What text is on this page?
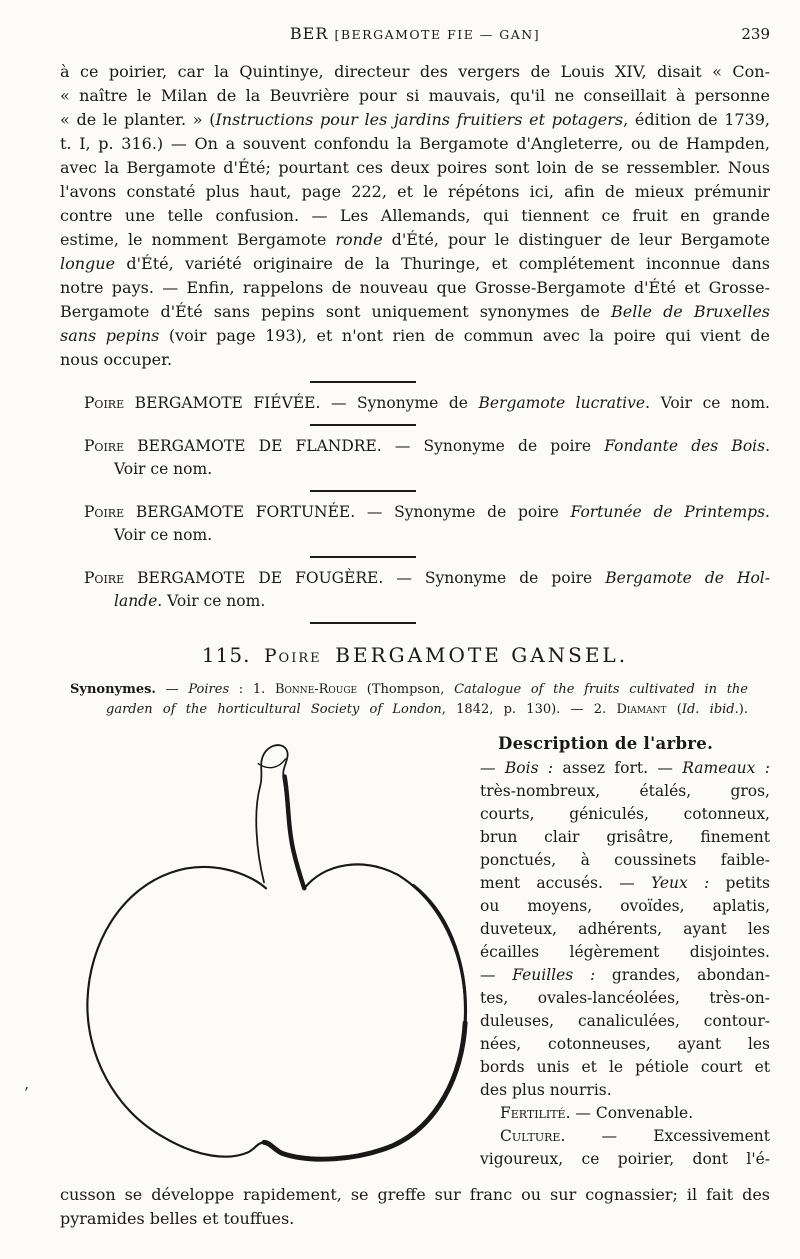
BER [BERGAMOTE FIE — GAN]	239
à ce poirier, car la Quintinye, directeur des vergers de Louis XIV, disait « Con-
« naître le Milan de la Beuvrière pour si mauvais, qu'il ne conseillait à personne
« de le planter. » (Instructions pour les jardins fruitiers et potagers, édition de 1739,
t. I, p. 316.) — On a souvent confondu la Bergamote d'Angleterre, ou de Hampden,
avec la Bergamote d'Été; pourtant ces deux poires sont loin de se ressembler. Nous
l'avons constaté plus haut, page 222, et le répétons ici, afin de mieux prémunir
contre une telle confusion. — Les Allemands, qui tiennent ce fruit en grande
estime, le nomment Bergamote ronde d'Été, pour le distinguer de leur Bergamote
longue d'Été, variété originaire de la Thuringe, et complétement inconnue dans
notre pays. — Enfin, rappelons de nouveau que Grosse-Bergamote d'Été et Grosse-
Bergamote d'Été sans pepins sont uniquement synonymes de Belle de Bruxelles
sans pepins (voir page 193), et n'ont rien de commun avec la poire qui vient de
nous occuper.
Poire BERGAMOTE FIÉVÉE. — Synonyme de Bergamote lucrative. Voir ce nom.
Poire BERGAMOTE DE FLANDRE. — Synonyme de poire Fondante des Bois.
Voir ce nom.
Poire BERGAMOTE FORTUNÉE. — Synonyme de poire Fortunée de Printemps.
Voir ce nom.
Poire BERGAMOTE DE FOUGÈRE. — Synonyme de poire Bergamote de Hol-
lande. Voir ce nom.
115. Poire BERGAMOTE GANSEL.
Synonymes. — Poires : 1. Bonne-Rouge (Thompson, Catalogue of the fruits cultivated in the
garden of the horticultural Society of London, 1842, p. 130). — 2. Diamant (Id. ibid.).
Description de l'arbre.
— Bois : assez fort. — Rameaux :
très-nombreux, étalés, gros,
courts, géniculés, cotonneux,
brun clair grisâtre, finement
ponctués, à coussinets faible-
ment accusés. — Yeux : petits
ou moyens, ovoïdes, aplatis,
duveteux, adhérents, ayant les
écailles légèrement disjointes.
— Feuilles : grandes, abondan-
tes, ovales-lancéolées, très-on-
duleuses, canaliculées, contour-
nées, cotonneuses, ayant les
bords unis et le pétiole court et
des plus nourris.
Fertilité. — Convenable.
Culture. — Excessivement
vigoureux, ce poirier, dont l'é-
cusson se développe rapidement, se greffe sur franc ou sur cognassier; il fait des
pyramides belles et touffues.
’
